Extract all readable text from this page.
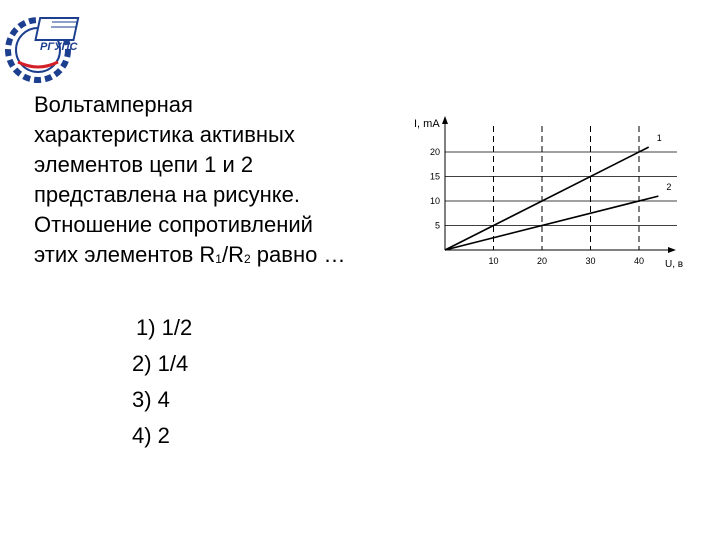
РГУПС
Вольтамперная
характеристика активных
элементов цепи 1 и 2
представлена на рисунке.
Отношение сопротивлений
этих элементов $R_1/R_2$ равно …
1) 1/2
2) 1/4
3) 4
4) 2
5
10
15
20
10	20	30	40
1
2
I, mA
U, в
